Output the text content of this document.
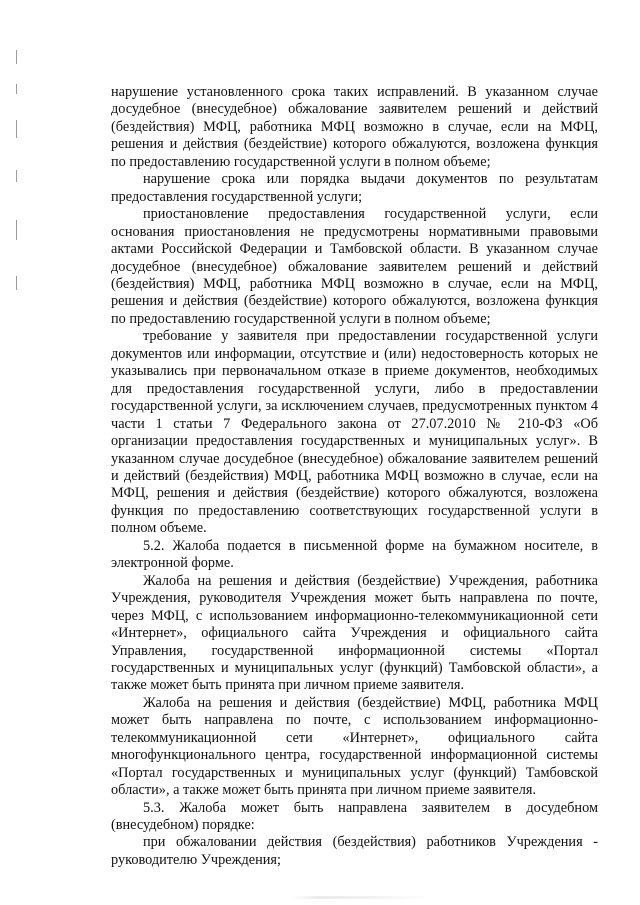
нарушение установленного срока таких исправлений. В указанном случае досудебное (внесудебное) обжалование заявителем решений и действий (бездействия) МФЦ, работника МФЦ возможно в случае, если на МФЦ, решения и действия (бездействие) которого обжалуются, возложена функция по предоставлению государственной услуги в полном объеме;

нарушение срока или порядка выдачи документов по результатам предоставления государственной услуги;

приостановление предоставления государственной услуги, если основания приостановления не предусмотрены нормативными правовыми актами Российской Федерации и Тамбовской области. В указанном случае досудебное (внесудебное) обжалование заявителем решений и действий (бездействия) МФЦ, работника МФЦ возможно в случае, если на МФЦ, решения и действия (бездействие) которого обжалуются, возложена функция по предоставлению государственной услуги в полном объеме;

требование у заявителя при предоставлении государственной услуги документов или информации, отсутствие и (или) недостоверность которых не указывались при первоначальном отказе в приеме документов, необходимых для предоставления государственной услуги, либо в предоставлении государственной услуги, за исключением случаев, предусмотренных пунктом 4 части 1 статьи 7 Федерального закона от 27.07.2010 № 210-ФЗ «Об организации предоставления государственных и муниципальных услуг». В указанном случае досудебное (внесудебное) обжалование заявителем решений и действий (бездействия) МФЦ, работника МФЦ возможно в случае, если на МФЦ, решения и действия (бездействие) которого обжалуются, возложена функция по предоставлению соответствующих государственной услуги в полном объеме.

5.2. Жалоба подается в письменной форме на бумажном носителе, в электронной форме.

Жалоба на решения и действия (бездействие) Учреждения, работника Учреждения, руководителя Учреждения может быть направлена по почте, через МФЦ, с использованием информационно-телекоммуникационной сети «Интернет», официального сайта Учреждения и официального сайта Управления, государственной информационной системы «Портал государственных и муниципальных услуг (функций) Тамбовской области», а также может быть принята при личном приеме заявителя.

Жалоба на решения и действия (бездействие) МФЦ, работника МФЦ может быть направлена по почте, с использованием информационно-телекоммуникационной сети «Интернет», официального сайта многофункционального центра, государственной информационной системы «Портал государственных и муниципальных услуг (функций) Тамбовской области», а также может быть принята при личном приеме заявителя.

5.3. Жалоба может быть направлена заявителем в досудебном (внесудебном) порядке:

при обжаловании действия (бездействия) работников Учреждения - руководителю Учреждения;
